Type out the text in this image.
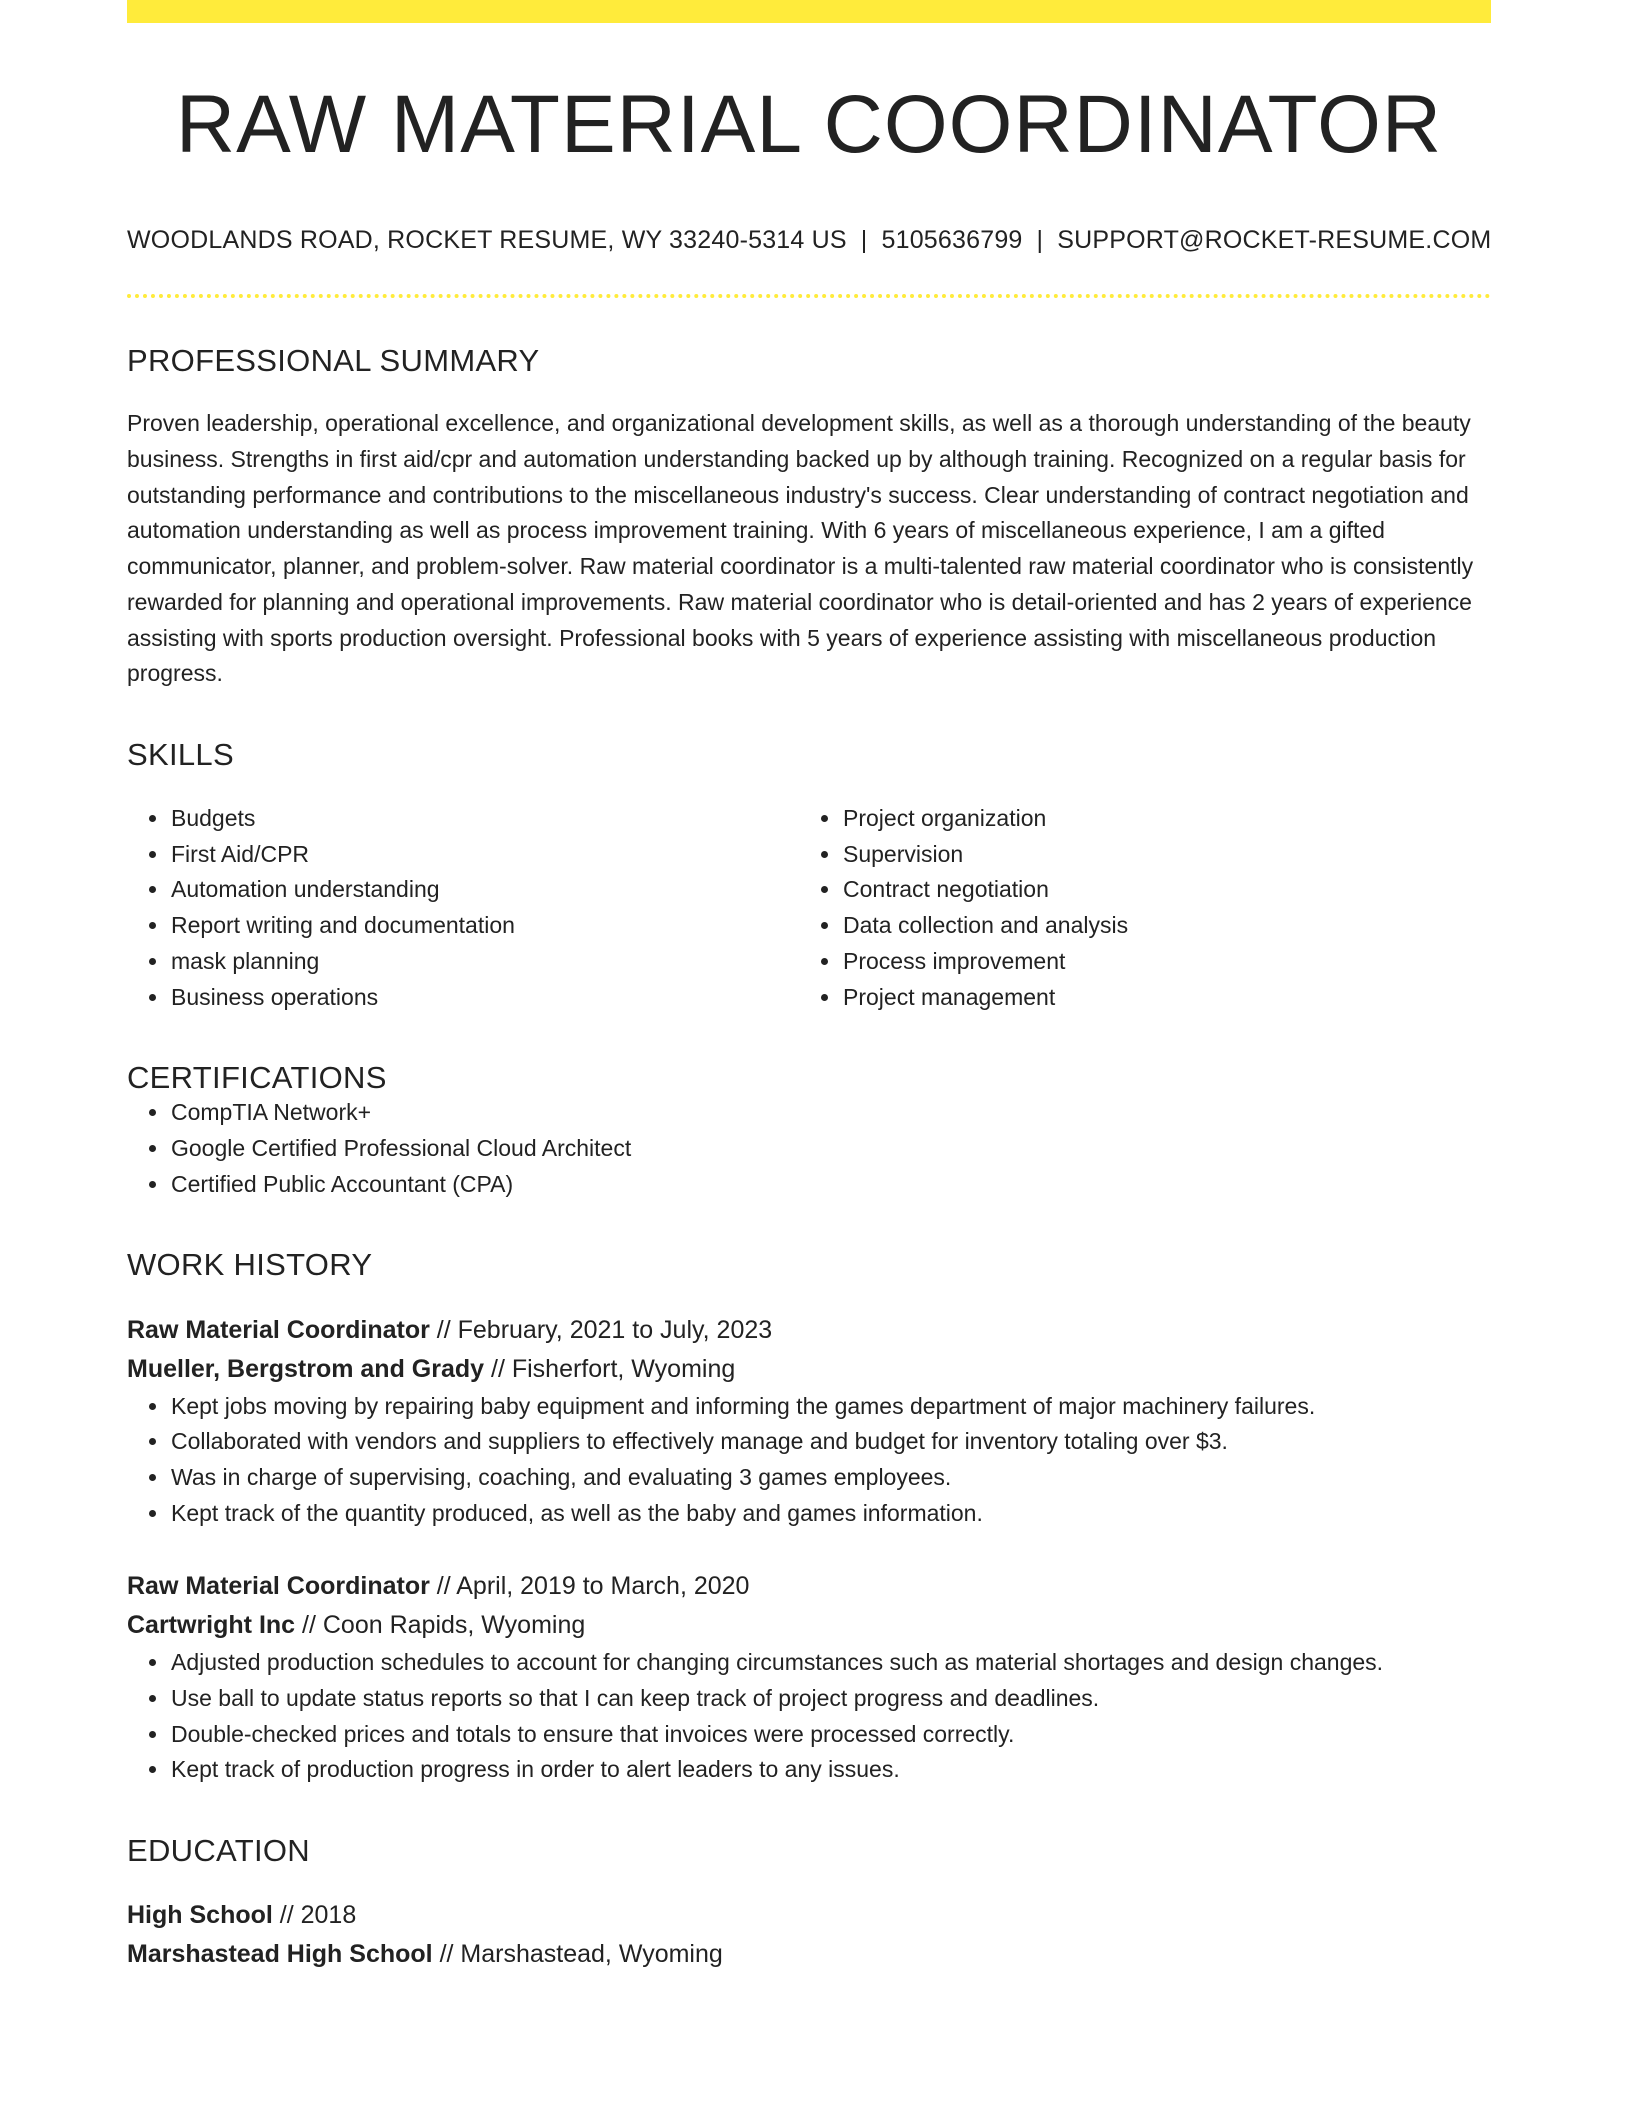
RAW MATERIAL COORDINATOR
WOODLANDS ROAD, ROCKET RESUME, WY 33240-5314 US | 5105636799 | SUPPORT@ROCKET-RESUME.COM
PROFESSIONAL SUMMARY
Proven leadership, operational excellence, and organizational development skills, as well as a thorough understanding of the beauty business. Strengths in first aid/cpr and automation understanding backed up by although training. Recognized on a regular basis for outstanding performance and contributions to the miscellaneous industry's success. Clear understanding of contract negotiation and automation understanding as well as process improvement training. With 6 years of miscellaneous experience, I am a gifted communicator, planner, and problem-solver. Raw material coordinator is a multi-talented raw material coordinator who is consistently rewarded for planning and operational improvements. Raw material coordinator who is detail-oriented and has 2 years of experience assisting with sports production oversight. Professional books with 5 years of experience assisting with miscellaneous production progress.
SKILLS
• Budgets
• First Aid/CPR
• Automation understanding
• Report writing and documentation
• mask planning
• Business operations
• Project organization
• Supervision
• Contract negotiation
• Data collection and analysis
• Process improvement
• Project management
CERTIFICATIONS
• CompTIA Network+
• Google Certified Professional Cloud Architect
• Certified Public Accountant (CPA)
WORK HISTORY
Raw Material Coordinator // February, 2021 to July, 2023
Mueller, Bergstrom and Grady // Fisherfort, Wyoming
• Kept jobs moving by repairing baby equipment and informing the games department of major machinery failures.
• Collaborated with vendors and suppliers to effectively manage and budget for inventory totaling over $3.
• Was in charge of supervising, coaching, and evaluating 3 games employees.
• Kept track of the quantity produced, as well as the baby and games information.
Raw Material Coordinator // April, 2019 to March, 2020
Cartwright Inc // Coon Rapids, Wyoming
• Adjusted production schedules to account for changing circumstances such as material shortages and design changes.
• Use ball to update status reports so that I can keep track of project progress and deadlines.
• Double-checked prices and totals to ensure that invoices were processed correctly.
• Kept track of production progress in order to alert leaders to any issues.
EDUCATION
High School // 2018
Marshastead High School // Marshastead, Wyoming
